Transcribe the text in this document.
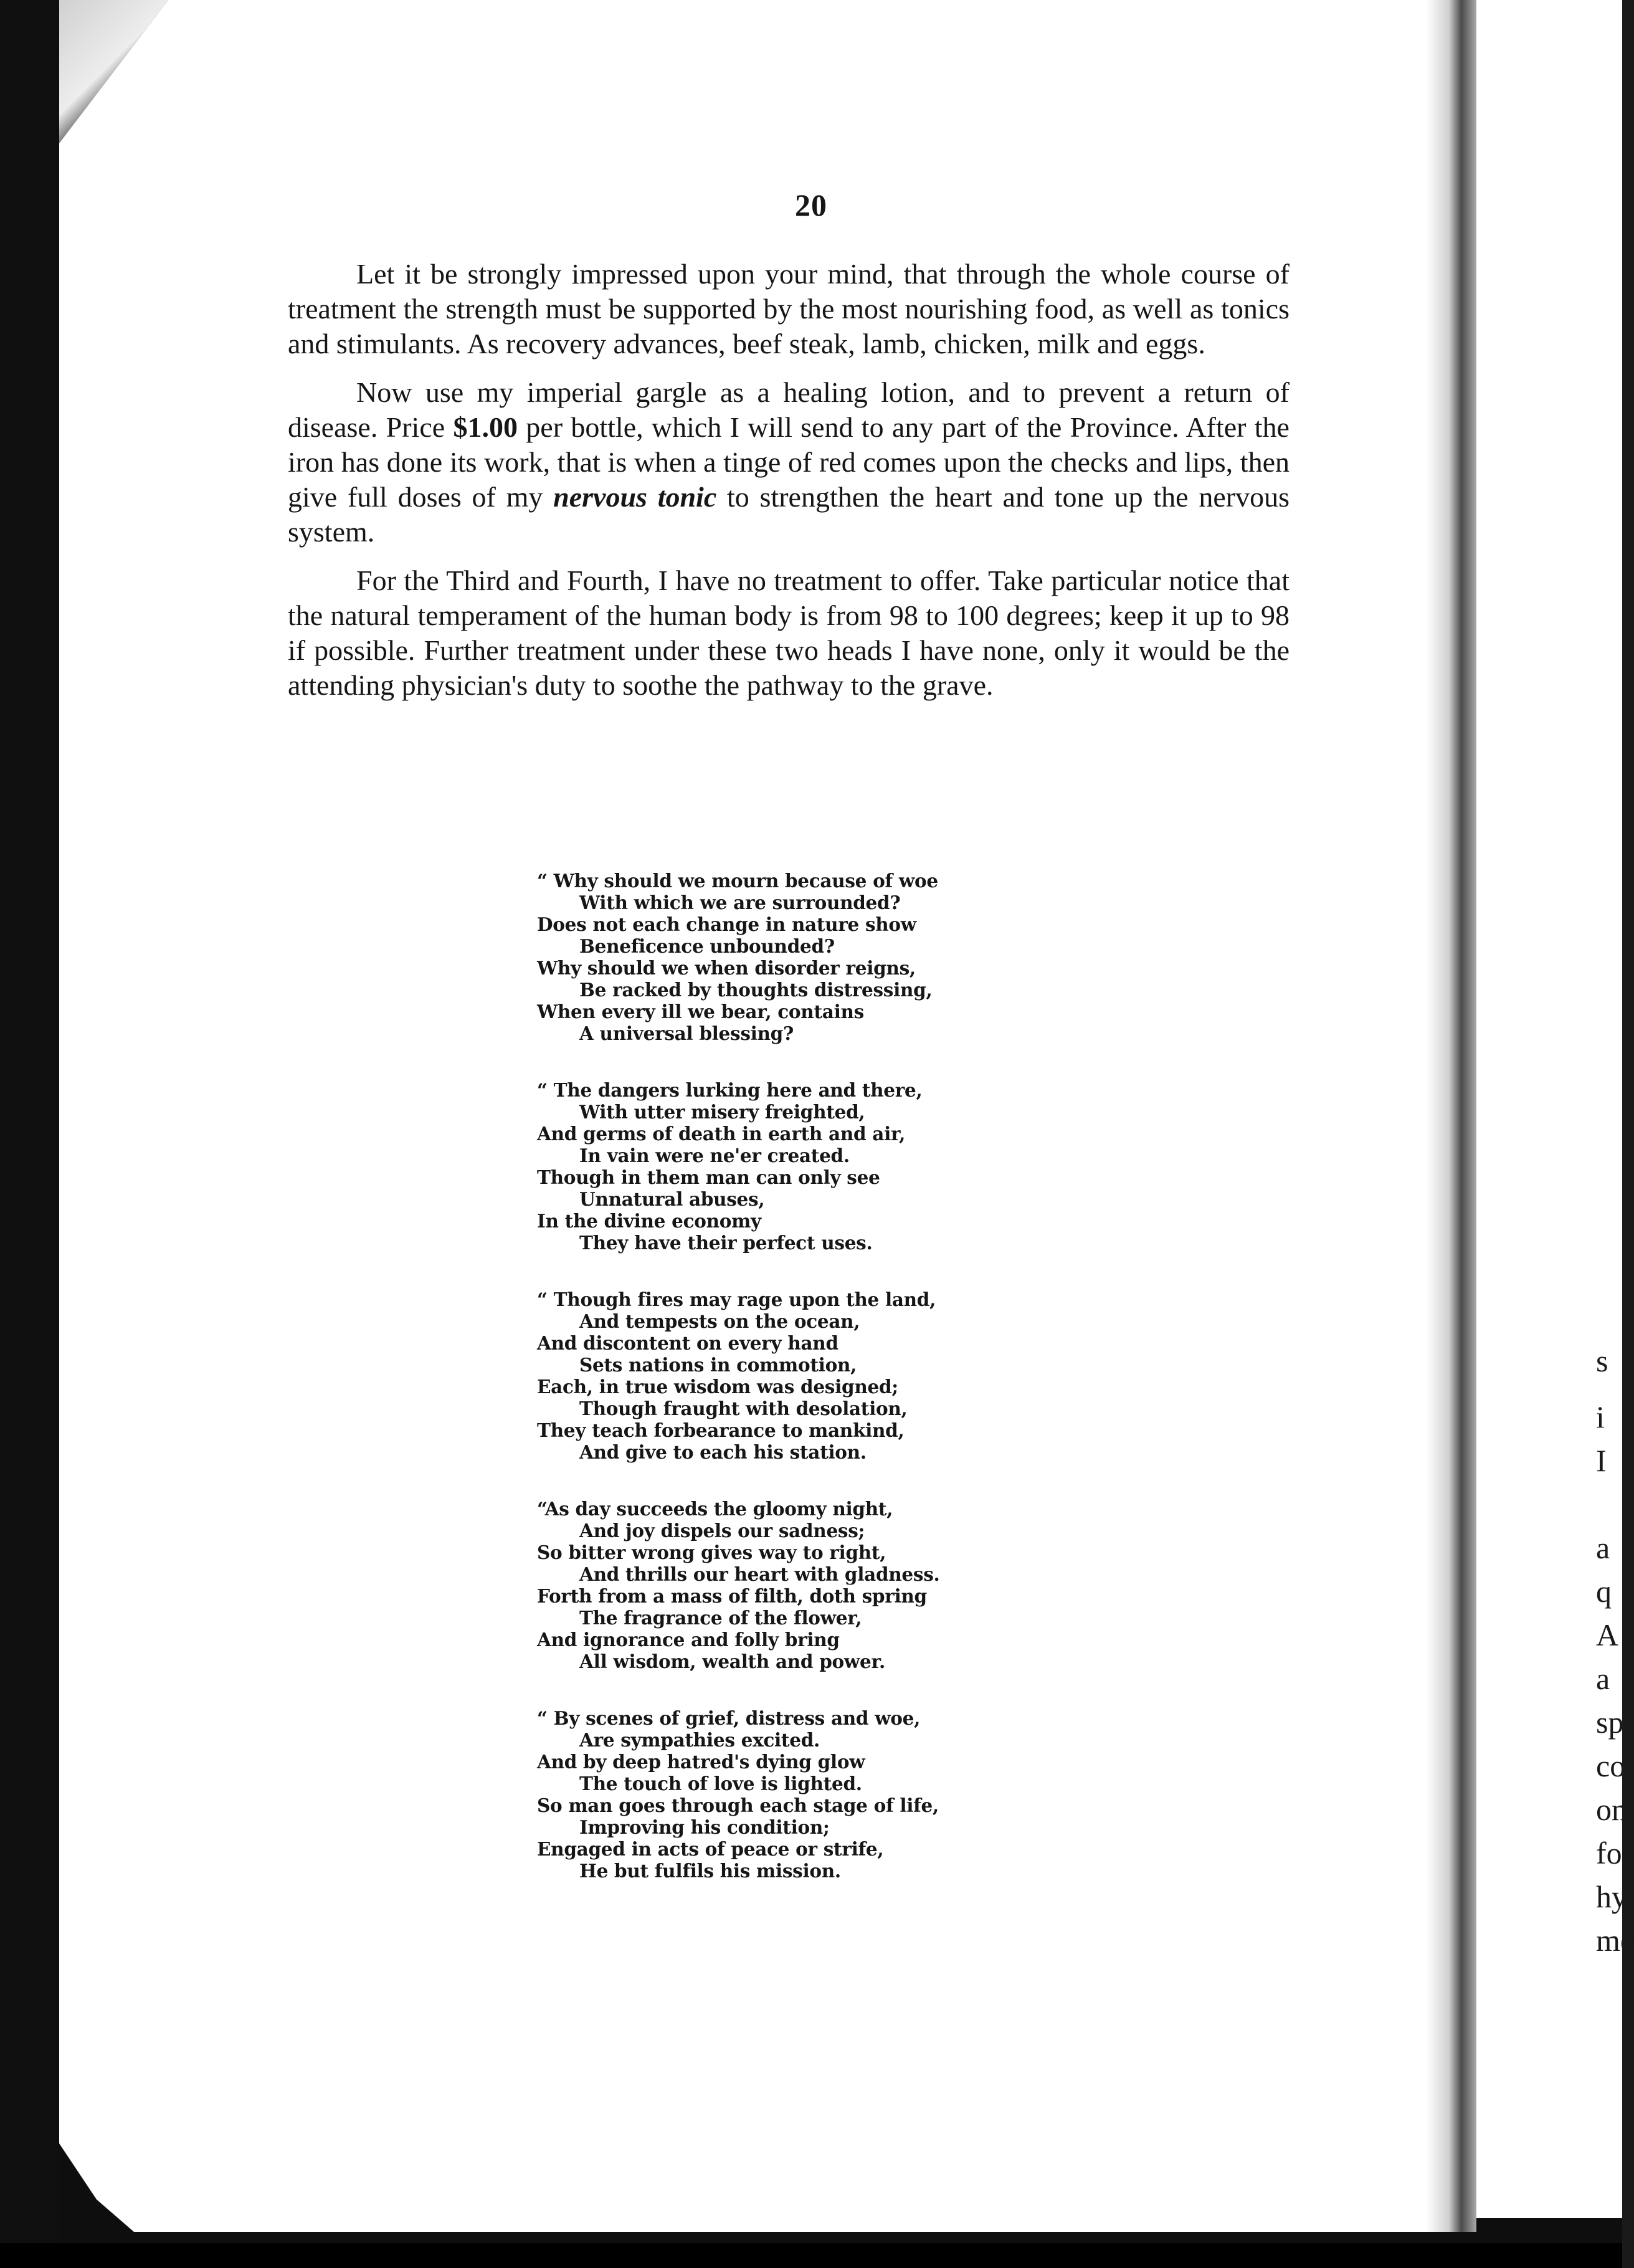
20

Let it be strongly impressed upon your mind, that through the whole course of treatment the strength must be supported by the most nourishing food, as well as tonics and stimulants. As recovery advances, beef steak, lamb, chicken, milk and eggs.

Now use my imperial gargle as a healing lotion, and to prevent a return of disease. Price $1.00 per bottle, which I will send to any part of the Province. After the iron has done its work, that is when a tinge of red comes upon the checks and lips, then give full doses of my nervous tonic to strengthen the heart and tone up the nervous system.

For the Third and Fourth, I have no treatment to offer. Take particular notice that the natural temperament of the human body is from 98 to 100 degrees; keep it up to 98 if possible. Further treatment under these two heads I have none, only it would be the attending physician's duty to soothe the pathway to the grave.

“ Why should we mourn because of woe
With which we are surrounded?
Does not each change in nature show
Beneficence unbounded?
Why should we when disorder reigns,
Be racked by thoughts distressing,
When every ill we bear, contains
A universal blessing?
“ The dangers lurking here and there,
With utter misery freighted,
And germs of death in earth and air,
In vain were ne'er created.
Though in them man can only see
Unnatural abuses,
In the divine economy
They have their perfect uses.
“ Though fires may rage upon the land,
And tempests on the ocean,
And discontent on every hand
Sets nations in commotion,
Each, in true wisdom was designed;
Though fraught with desolation,
They teach forbearance to mankind,
And give to each his station.
“As day succeeds the gloomy night,
And joy dispels our sadness;
So bitter wrong gives way to right,
And thrills our heart with gladness.
Forth from a mass of filth, doth spring
The fragrance of the flower,
And ignorance and folly bring
All wisdom, wealth and power.
“ By scenes of grief, distress and woe,
Are sympathies excited.
And by deep hatred's dying glow
The touch of love is lighted.
So man goes through each stage of life,
Improving his condition;
Engaged in acts of peace or strife,
He but fulfils his mission.
s
i
I
a
q
A
a
sp
co
on
fo
hy
me
